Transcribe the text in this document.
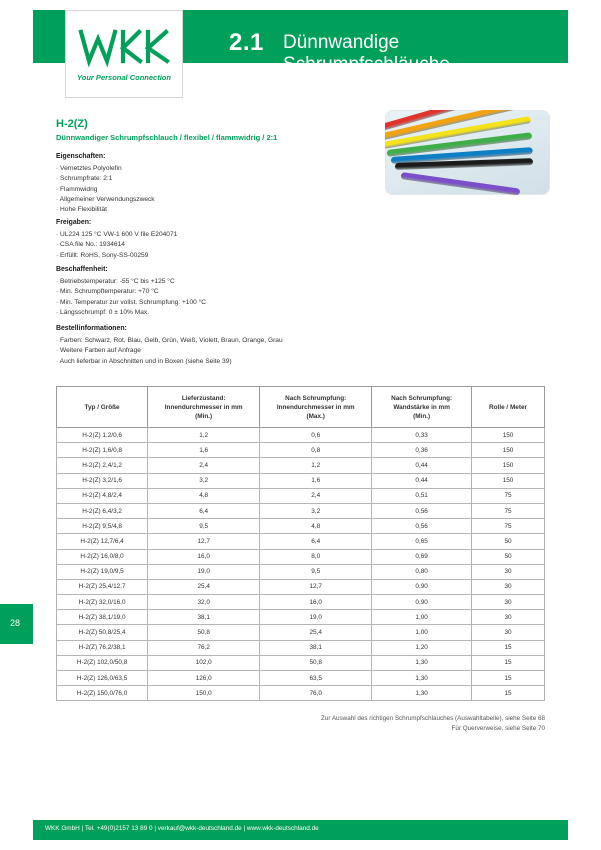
2.1 Dünnwandige Schrumpfschläuche
Your Personal Connection
28
H-2(Z)
Dünnwandiger Schrumpfschlauch / flexibel / flammwidrig / 2:1
Eigenschaften:
· Vernetztes Polyolefin
· Schrumpfrate: 2:1
· Flammwidrig
· Allgemeiner Verwendungszweck
· Hohe Flexibilität
Freigaben:
· UL224 125 °C VW-1 600 V file E204071
· CSA file No.: 1934614
· Erfüllt: RoHS, Sony-SS-00259
Beschaffenheit:
· Betriebstemperatur: -55 °C bis +125 °C
· Min. Schrumpftemperatur: +70 °C
· Min. Temperatur zur vollst. Schrumpfung: +100 °C
· Längsschrumpf: 0 ± 10% Max.
Bestellinformationen:
· Farben: Schwarz, Rot, Blau, Gelb, Grün, Weiß, Violett, Braun, Orange, Grau
· Weitere Farben auf Anfrage
· Auch lieferbar in Abschnitten und in Boxen (siehe Seite 39)
Typ / Größe

Lieferzustand:
Innendurchmesser in mm
(Min.)

Nach Schrumpfung:
Innendurchmesser in mm
(Max.)

Nach Schrumpfung:
Wandstärke in mm
(Min.)

Rolle / Meter

H-2(Z) 1,2/0,6	1,2	0,6	0,33	150
H-2(Z) 1,6/0,8	1,6	0,8	0,36	150
H-2(Z) 2,4/1,2	2,4	1,2	0,44	150
H-2(Z) 3,2/1,6	3,2	1,6	0,44	150
H-2(Z) 4,8/2,4	4,8	2,4	0,51	75
H-2(Z) 6,4/3,2	6,4	3,2	0,56	75
H-2(Z) 9,5/4,8	9,5	4,8	0,56	75
H-2(Z) 12,7/6,4	12,7	6,4	0,65	50
H-2(Z) 16,0/8,0	16,0	8,0	0,69	50
H-2(Z) 19,0/9,5	19,0	9,5	0,80	30
H-2(Z) 25,4/12,7	25,4	12,7	0,90	30
H-2(Z) 32,0/16,0	32,0	16,0	0,90	30
H-2(Z) 38,1/19,0	38,1	19,0	1,00	30
H-2(Z) 50,8/25,4	50,8	25,4	1,00	30
H-2(Z) 76,2/38,1	76,2	38,1	1,20	15
H-2(Z) 102,0/50,8	102,0	50,8	1,30	15
H-2(Z) 126,0/63,5	126,0	63,5	1,30	15
H-2(Z) 150,0/76,0	150,0	76,0	1,30	15
Zur Auswahl des richtigen Schrumpfschlauches (Auswahltabelle), siehe Seite 68
Für Querverweise, siehe Seite 70
WKK GmbH | Tel. +49(0)2157 13 89 0 | verkauf@wkk-deutschland.de | www.wkk-deutschland.de
